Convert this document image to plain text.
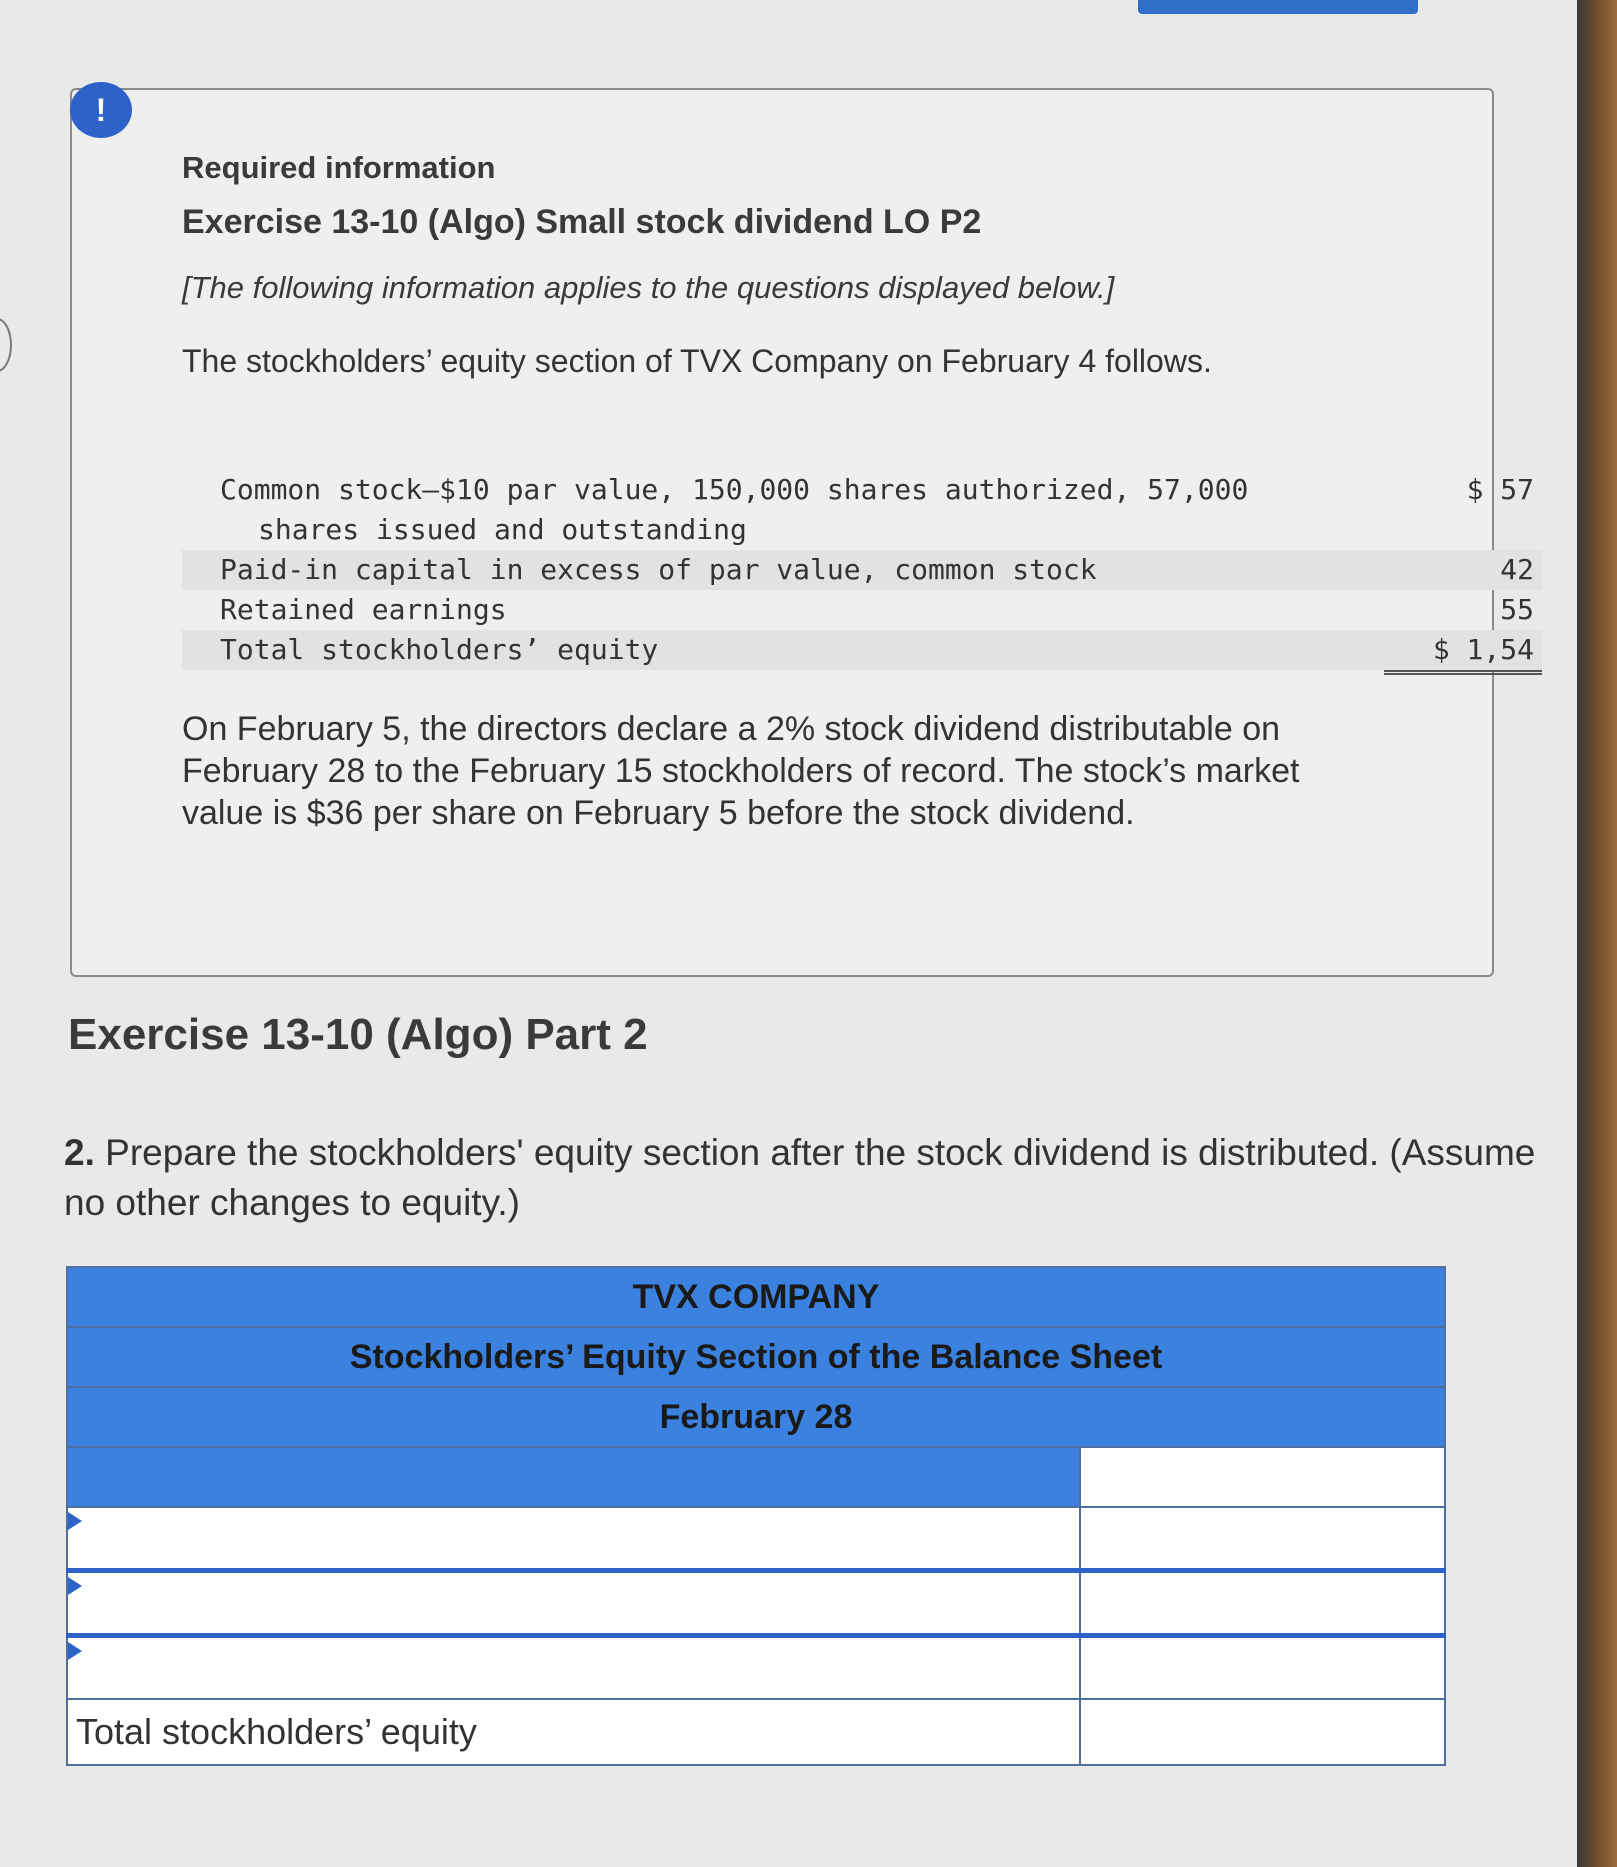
!
Required information
Exercise 13-10 (Algo) Small stock dividend LO P2
[The following information applies to the questions displayed below.]
The stockholders’ equity section of TVX Company on February 4 follows.
Common stock—$10 par value, 150,000 shares authorized, 57,000	$ 57
shares issued and outstanding
Paid-in capital in excess of par value, common stock	42
Retained earnings	55
Total stockholders’ equity	$ 1,54
On February 5, the directors declare a 2% stock dividend distributable on February 28 to the February 15 stockholders of record. The stock’s market value is $36 per share on February 5 before the stock dividend.
Exercise 13-10 (Algo) Part 2
2. Prepare the stockholders' equity section after the stock dividend is distributed. (Assume no other changes to equity.)
TVX COMPANY	
Stockholders’ Equity Section of the Balance Sheet	
February 28	

Total stockholders’ equity	
